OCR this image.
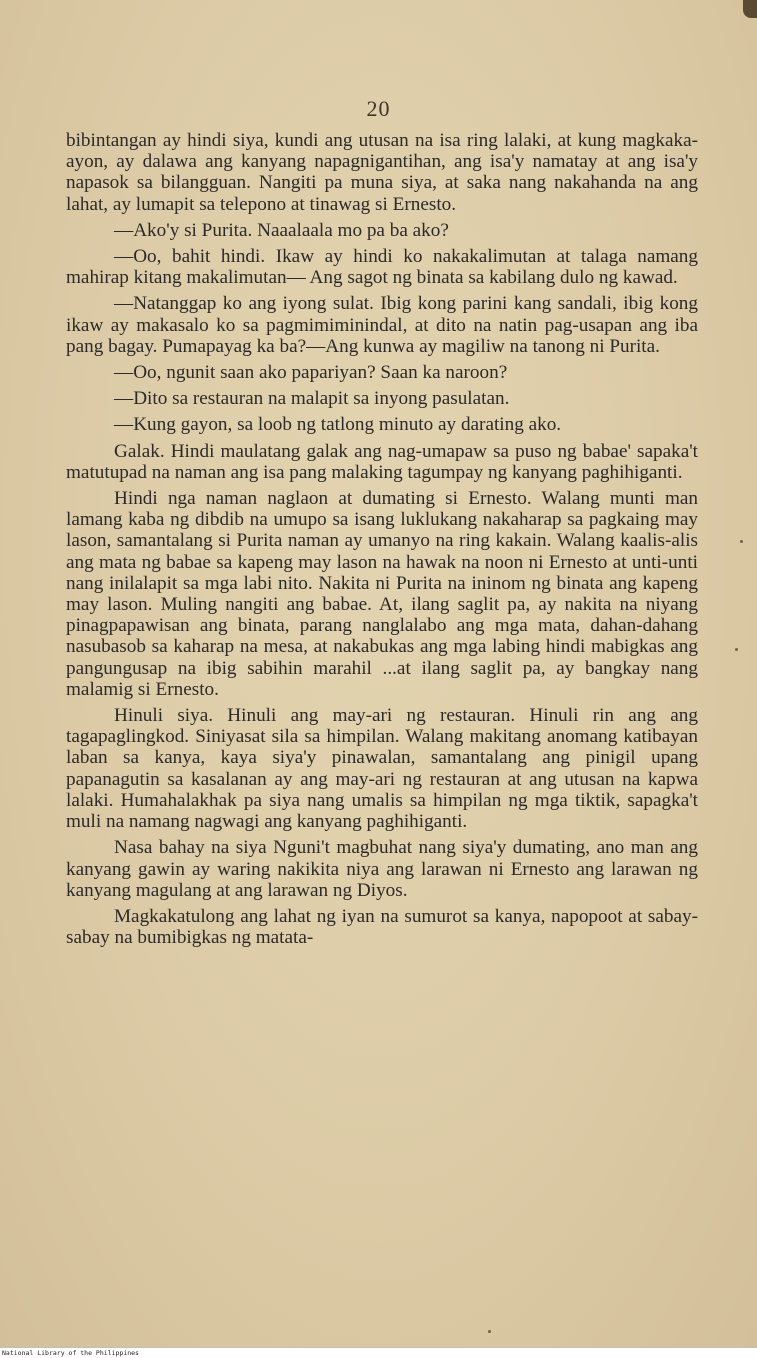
20

bibintangan ay hindi siya, kundi ang utusan na isa ring lalaki, at kung magkaka-ayon, ay dalawa ang kanyang napagnigantihan, ang isa'y namatay at ang isa'y napasok sa bilangguan. Nangiti pa muna siya, at saka nang nakahanda na ang lahat, ay lumapit sa telepono at tinawag si Ernesto.

—Ako'y si Purita. Naaalaala mo pa ba ako?

—Oo, bahit hindi. Ikaw ay hindi ko nakakalimutan at talaga namang mahirap kitang makalimutan— Ang sagot ng binata sa kabilang dulo ng kawad.

—Natanggap ko ang iyong sulat. Ibig kong parini kang sandali, ibig kong ikaw ay makasalo ko sa pagmimiminindal, at dito na natin pag-usapan ang iba pang bagay. Pumapayag ka ba?—Ang kunwa ay magiliw na tanong ni Purita.

—Oo, ngunit saan ako papariyan? Saan ka naroon?

—Dito sa restauran na malapit sa inyong pasulatan.

—Kung gayon, sa loob ng tatlong minuto ay darating ako.

Galak. Hindi maulatang galak ang nag-umapaw sa puso ng babae' sapaka't matutupad na naman ang isa pang malaking tagumpay ng kanyang paghihiganti.

Hindi nga naman naglaon at dumating si Ernesto. Walang munti man lamang kaba ng dibdib na umupo sa isang luklukang nakaharap sa pagkaing may lason, samantalang si Purita naman ay umanyo na ring kakain. Walang kaalis-alis ang mata ng babae sa kapeng may lason na hawak na noon ni Ernesto at unti-unti nang inilalapit sa mga labi nito. Nakita ni Purita na ininom ng binata ang kapeng may lason. Muling nangiti ang babae. At, ilang saglit pa, ay nakita na niyang pinagpapawisan ang binata, parang nanglalabo ang mga mata, dahan-dahang nasubasob sa kaharap na mesa, at nakabukas ang mga labing hindi mabigkas ang pangungusap na ibig sabihin marahil ...at ilang saglit pa, ay bangkay nang malamig si Ernesto.

Hinuli siya. Hinuli ang may-ari ng restauran. Hinuli rin ang ang tagapaglingkod. Siniyasat sila sa himpilan. Walang makitang anomang katibayan laban sa kanya, kaya siya'y pinawalan, samantalang ang pinigil upang papanagutin sa kasalanan ay ang may-ari ng restauran at ang utusan na kapwa lalaki. Humahalakhak pa siya nang umalis sa himpilan ng mga tiktik, sapagka't muli na namang nagwagi ang kanyang paghihiganti.

Nasa bahay na siya Nguni't magbuhat nang siya'y dumating, ano man ang kanyang gawin ay waring nakikita niya ang larawan ni Ernesto ang larawan ng kanyang magulang at ang larawan ng Diyos.

Magkakatulong ang lahat ng iyan na sumurot sa kanya, napopoot at sabay-sabay na bumibigkas ng matata-

National Library of the Philippines
